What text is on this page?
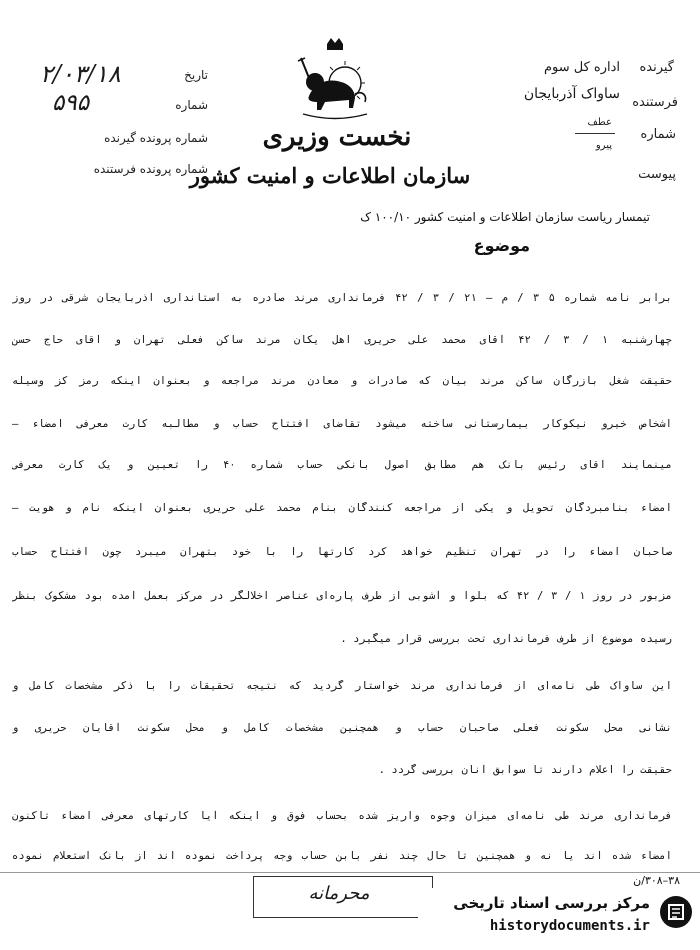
نخست وزیری
سازمان اطلاعات و امنیت کشور
۲/۰۳/۱۸	تاریخ
۵۹۵	شماره
شماره پرونده گیرنده
شماره پرونده فرستنده
گیرنده
اداره کل سوم
فرستنده
ساواک آذربایجان
شماره
عطف
پیرو
پیوست
تیمسار ریاست سازمان اطلاعات و امنیت کشور ۱۰۰/۱۰ ک
موضوع
برابر نامه شماره ۵ ۳ / م – ۲۱ / ۳ / ۴۲ فرمانداری مرند صادره به استانداری آذربایجان شرقی در روز
چهارشنبه ۱ / ۳ / ۴۲ آقای محمد علی حریری اهل یکان مرند ساکن فعلی تهران و آقای حاج حسن
حقیقت شغل بازرگان ساکن مرند بیان که صادرات و معادن مرند مراجعه و بعنوان اینکه رمز کز وسیله
اشخاص خیرو نیکوکار بیمارستانی ساخته میشود تقاضای افتتاح حساب و مطالبه کارت معرفی امضاء –
مینمایند آقای رئیس بانک هم مطابق اصول بانکی حساب شماره ۴۰ را تعیین و یک کارت معرفی
امضاء بنامبردگان تحویل و یکی از مراجعه کنندگان بنام محمد علی حریری بعنوان اینکه نام و هویت –
صاحبان امضاء را در تهران تنظیم خواهد کرد کارتها را با خود بتهران میبرد چون افتتاح حساب
مزبور در روز ۱ / ۳ / ۴۲ که بلوا و آشوبی از طرف پاره‌ای عناصر اخلالگر در مرکز بعمل آمده بود مشکوک بنظر
رسیده موضوع از طرف فرمانداری تحت بررسی قرار میگیرد .
این ساواک طی نامه‌ای از فرمانداری مرند خواستار گردید که نتیجه تحقیقات را با ذکر مشخصات کامل و
نشانی محل سکونت فعلی صاحبان حساب و همچنین مشخصات کامل و محل سکونت آقایان حریری و
حقیقت را اعلام دارند تا سوابق آنان بررسی گردد .
فرمانداری مرند طی نامه‌ای میزان وجوه واریز شده بحساب فوق و اینکه آیا کارتهای معرفی امضاء تاکنون
امضاء شده اند یا نه و همچنین تا حال چند نفر بابن حساب وجه پرداخت نموده اند از بانک استعلام نموده
محرمانه
۳۸–۳۰۸/ن
مرکز بررسی اسناد تاریخی
historydocuments.ir
